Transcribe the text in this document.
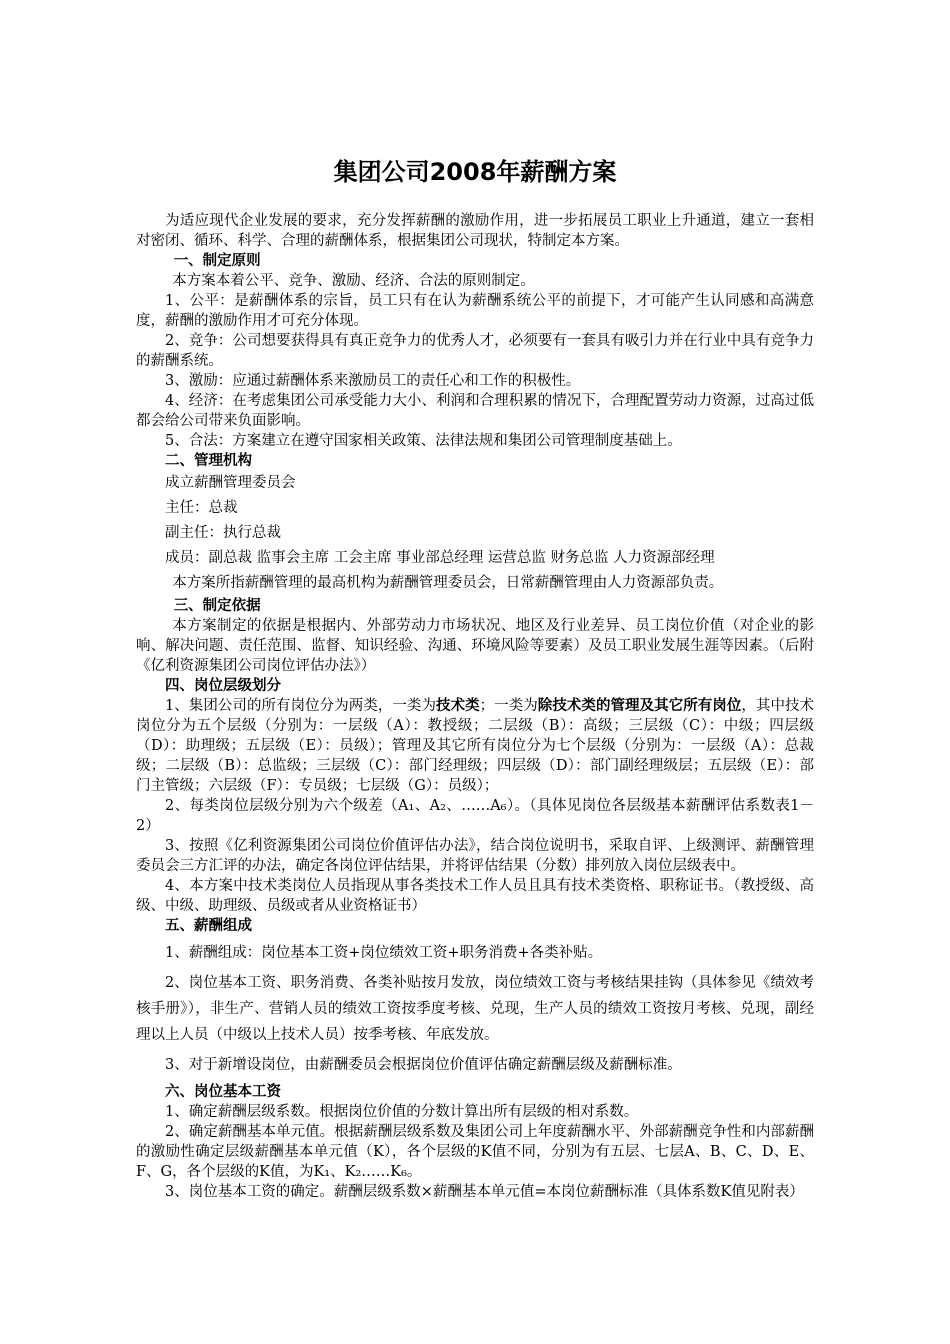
集团公司2008年薪酬方案

为适应现代企业发展的要求，充分发挥薪酬的激励作用，进一步拓展员工职业上升通道，建立一套相对密闭、循环、科学、合理的薪酬体系，根据集团公司现状，特制定本方案。

一、制定原则

本方案本着公平、竞争、激励、经济、合法的原则制定。

1、公平：是薪酬体系的宗旨，员工只有在认为薪酬系统公平的前提下，才可能产生认同感和高满意度，薪酬的激励作用才可充分体现。

2、竞争：公司想要获得具有真正竞争力的优秀人才，必须要有一套具有吸引力并在行业中具有竞争力的薪酬系统。

3、激励：应通过薪酬体系来激励员工的责任心和工作的积极性。

4、经济：在考虑集团公司承受能力大小、利润和合理积累的情况下，合理配置劳动力资源，过高过低都会给公司带来负面影响。

5、合法：方案建立在遵守国家相关政策、法律法规和集团公司管理制度基础上。

二、管理机构

成立薪酬管理委员会

主任：总裁

副主任：执行总裁

成员：副总裁 监事会主席 工会主席 事业部总经理 运营总监 财务总监 人力资源部经理

本方案所指薪酬管理的最高机构为薪酬管理委员会，日常薪酬管理由人力资源部负责。

三、制定依据

本方案制定的依据是根据内、外部劳动力市场状况、地区及行业差异、员工岗位价值（对企业的影响、解决问题、责任范围、监督、知识经验、沟通、环境风险等要素）及员工职业发展生涯等因素。（后附《亿利资源集团公司岗位评估办法》）

四、岗位层级划分

1、集团公司的所有岗位分为两类，一类为技术类；一类为除技术类的管理及其它所有岗位，其中技术岗位分为五个层级（分别为：一层级（A）：教授级；二层级（B）：高级；三层级（C）：中级；四层级（D）：助理级；五层级（E）：员级）；管理及其它所有岗位分为七个层级（分别为：一层级（A）：总裁级；二层级（B）：总监级；三层级（C）：部门经理级；四层级（D）：部门副经理级层；五层级（E）：部门主管级；六层级（F）：专员级；七层级（G）：员级）；

2、每类岗位层级分别为六个级差（A₁、A₂、……A₆）。（具体见岗位各层级基本薪酬评估系数表1－2）

3、按照《亿利资源集团公司岗位价值评估办法》，结合岗位说明书，采取自评、上级测评、薪酬管理委员会三方汇评的办法，确定各岗位评估结果，并将评估结果（分数）排列放入岗位层级表中。

4、本方案中技术类岗位人员指现从事各类技术工作人员且具有技术类资格、职称证书。（教授级、高级、中级、助理级、员级或者从业资格证书）

五、薪酬组成

1、薪酬组成：岗位基本工资+岗位绩效工资+职务消费+各类补贴。

2、岗位基本工资、职务消费、各类补贴按月发放，岗位绩效工资与考核结果挂钩（具体参见《绩效考核手册》），非生产、营销人员的绩效工资按季度考核、兑现，生产人员的绩效工资按月考核、兑现，副经理以上人员（中级以上技术人员）按季考核、年底发放。

3、对于新增设岗位，由薪酬委员会根据岗位价值评估确定薪酬层级及薪酬标准。

六、岗位基本工资

1、确定薪酬层级系数。根据岗位价值的分数计算出所有层级的相对系数。

2、确定薪酬基本单元值。根据薪酬层级系数及集团公司上年度薪酬水平、外部薪酬竞争性和内部薪酬的激励性确定层级薪酬基本单元值（K），各个层级的K值不同，分别为有五层、七层A、B、C、D、E、F、G，各个层级的K值，为K₁、K₂……K₆。

3、岗位基本工资的确定。薪酬层级系数×薪酬基本单元值=本岗位薪酬标准（具体系数K值见附表）
